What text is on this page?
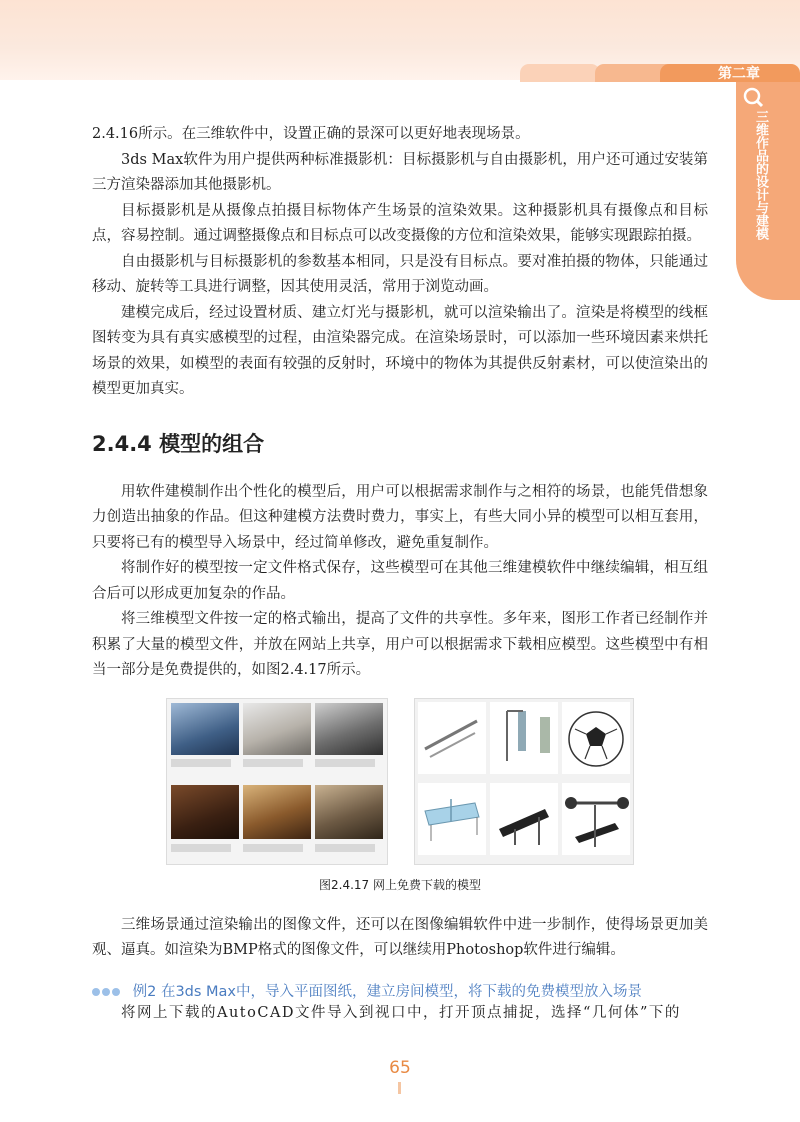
第二章
三维作品的设计与建模

2.4.16所示。在三维软件中，设置正确的景深可以更好地表现场景。

3ds Max软件为用户提供两种标准摄影机：目标摄影机与自由摄影机，用户还可通过安装第三方渲染器添加其他摄影机。

目标摄影机是从摄像点拍摄目标物体产生场景的渲染效果。这种摄影机具有摄像点和目标点，容易控制。通过调整摄像点和目标点可以改变摄像的方位和渲染效果，能够实现跟踪拍摄。

自由摄影机与目标摄影机的参数基本相同，只是没有目标点。要对准拍摄的物体，只能通过移动、旋转等工具进行调整，因其使用灵活，常用于浏览动画。

建模完成后，经过设置材质、建立灯光与摄影机，就可以渲染输出了。渲染是将模型的线框图转变为具有真实感模型的过程，由渲染器完成。在渲染场景时，可以添加一些环境因素来烘托场景的效果，如模型的表面有较强的反射时，环境中的物体为其提供反射素材，可以使渲染出的模型更加真实。

2.4.4 模型的组合

用软件建模制作出个性化的模型后，用户可以根据需求制作与之相符的场景，也能凭借想象力创造出抽象的作品。但这种建模方法费时费力，事实上，有些大同小异的模型可以相互套用，只要将已有的模型导入场景中，经过简单修改，避免重复制作。

将制作好的模型按一定文件格式保存，这些模型可在其他三维建模软件中继续编辑，相互组合后可以形成更加复杂的作品。

将三维模型文件按一定的格式输出，提高了文件的共享性。多年来，图形工作者已经制作并积累了大量的模型文件，并放在网站上共享，用户可以根据需求下载相应模型。这些模型中有相当一部分是免费提供的，如图2.4.17所示。

图2.4.17 网上免费下载的模型

三维场景通过渲染输出的图像文件，还可以在图像编辑软件中进一步制作，使得场景更加美观、逼真。如渲染为BMP格式的图像文件，可以继续用Photoshop软件进行编辑。

例2 在3ds Max中，导入平面图纸，建立房间模型，将下载的免费模型放入场景

将网上下载的AutoCAD文件导入到视口中，打开顶点捕捉，选择“几何体”下的

65
